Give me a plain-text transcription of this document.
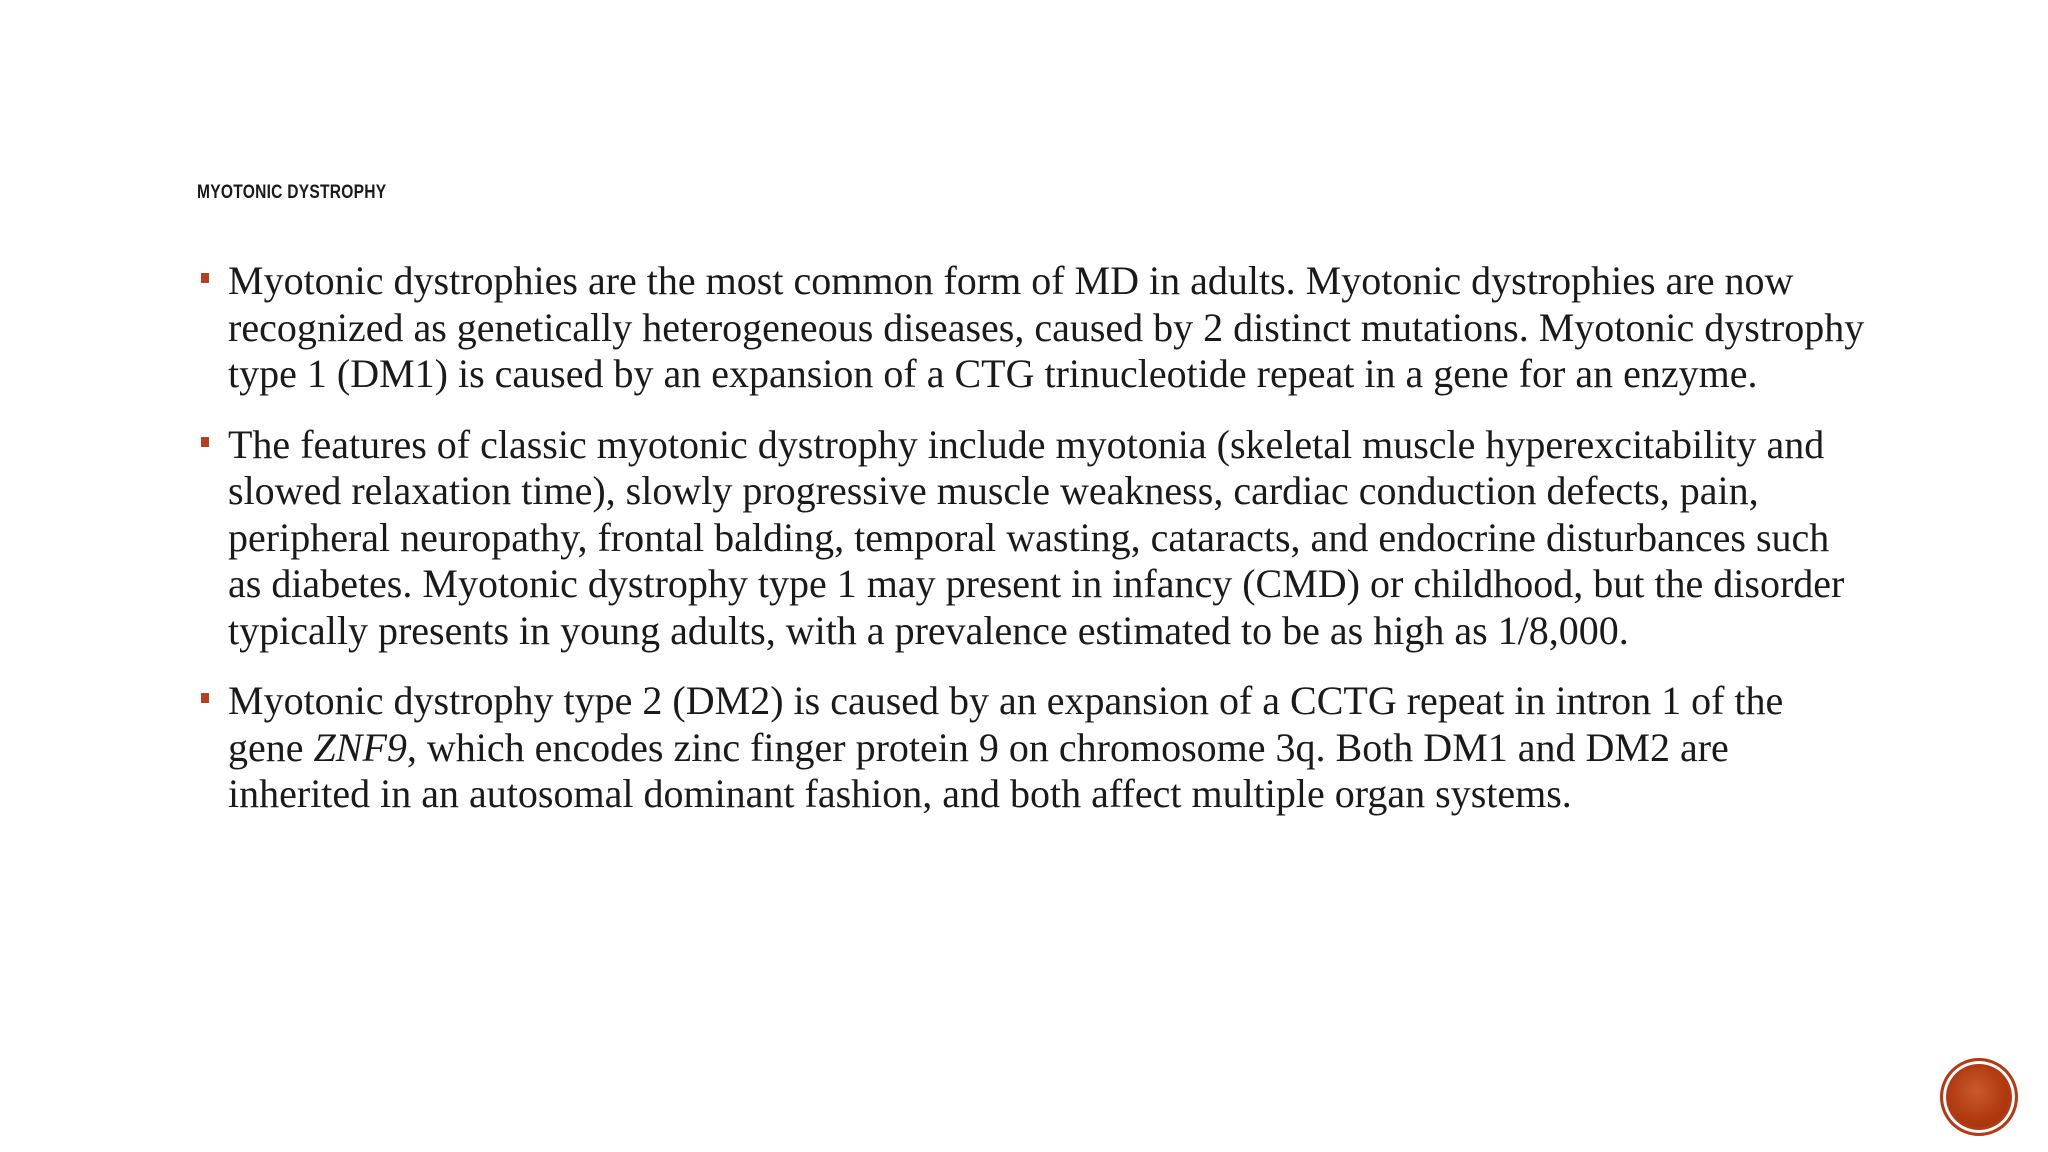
MYOTONIC DYSTROPHY

Myotonic dystrophies are the most common form of MD in adults. Myotonic dystrophies are now recognized as genetically heterogeneous diseases, caused by 2 distinct mutations. Myotonic dystrophy type 1 (DM1) is caused by an expansion of a CTG trinucleotide repeat in a gene for an enzyme.

The features of classic myotonic dystrophy include myotonia (skeletal muscle hyperexcitability and slowed relaxation time), slowly progressive muscle weakness, cardiac conduction defects, pain, peripheral neuropathy, frontal balding, temporal wasting, cataracts, and endocrine disturbances such as diabetes. Myotonic dystrophy type 1 may present in infancy (CMD) or childhood, but the disorder typically presents in young adults, with a prevalence estimated to be as high as 1/8,000.

Myotonic dystrophy type 2 (DM2) is caused by an expansion of a CCTG repeat in intron 1 of the gene ZNF9, which encodes zinc finger protein 9 on chromosome 3q. Both DM1 and DM2 are inherited in an autosomal dominant fashion, and both affect multiple organ systems.
